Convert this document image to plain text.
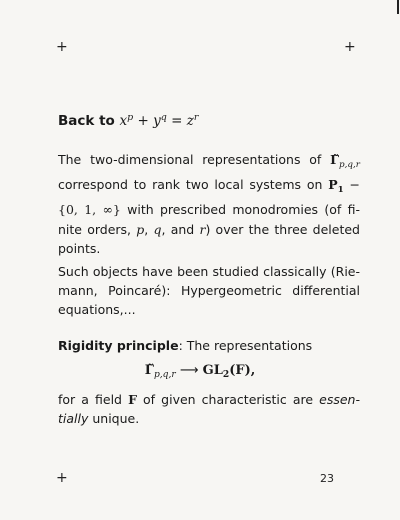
+	+
+	23
Back to $x^p + y^q = z^r$
The two-dimensional representations of $\Gammã_{p,q,r}$
correspond to rank two local systems on $P_1$ −
{0, 1, ∞} with prescribed monodromies (of fi-
nite orders, p, q, and r) over the three deleted
points.
Such objects have been studied classically (Rie-
mann, Poincaré): Hypergeometric differential
equations,...
Rigidity principle: The representations
$\Gammã_{p,q,r}$ ⟶ $GL_2(F)$,
for a field F of given characteristic are essen-
tially unique.
